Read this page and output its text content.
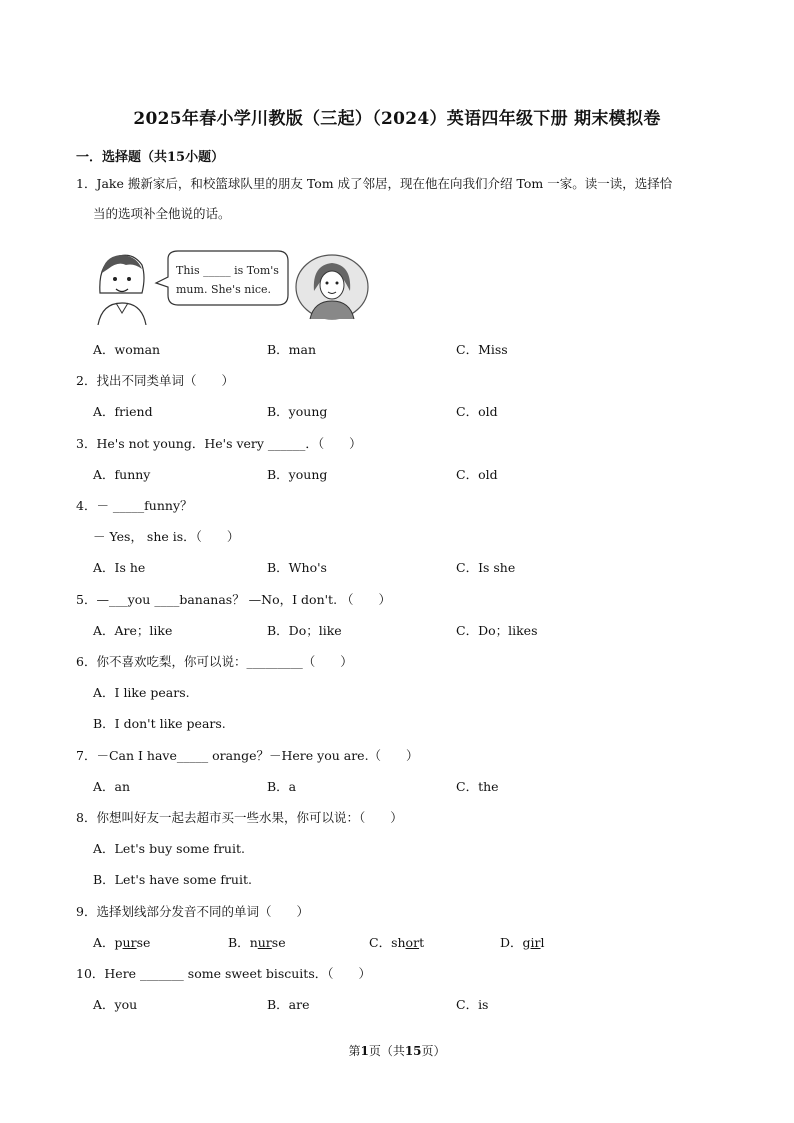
2025年春小学川教版（三起）（2024）英语四年级下册 期末模拟卷
一．选择题（共15小题）
1．Jake 搬新家后，和校篮球队里的朋友 Tom 成了邻居，现在他在向我们介绍 Tom 一家。读一读，选择恰
当的选项补全他说的话。
This _____ is Tom's
mum. She's nice.
A．woman	B．man	C．Miss
2．找出不同类单词（　　）
A．friend	B．young	C．old
3．He's not young．He's very ______．（　　）
A．funny	B．young	C．old
4．－ _____funny？
－ Yes， she is．（　　）
A．Is he	B．Who's	C．Is she
5．—___you ____bananas？ —No，I don't. （　　）
A．Are；like	B．Do；like	C．Do；likes
6．你不喜欢吃梨，你可以说：_________（　　）
A．I like pears.
B．I don't like pears.
7．－Can I have_____ orange？－Here you are.（　　）
A．an	B．a	C．the
8．你想叫好友一起去超市买一些水果，你可以说：（　　）
A．Let's buy some fruit.
B．Let's have some fruit.
9．选择划线部分发音不同的单词（　　）
A．purse	B．nurse	C．short	D．girl
10．Here _______ some sweet biscuits．（　　）
A．you	B．are	C．is
第1页（共15页）
